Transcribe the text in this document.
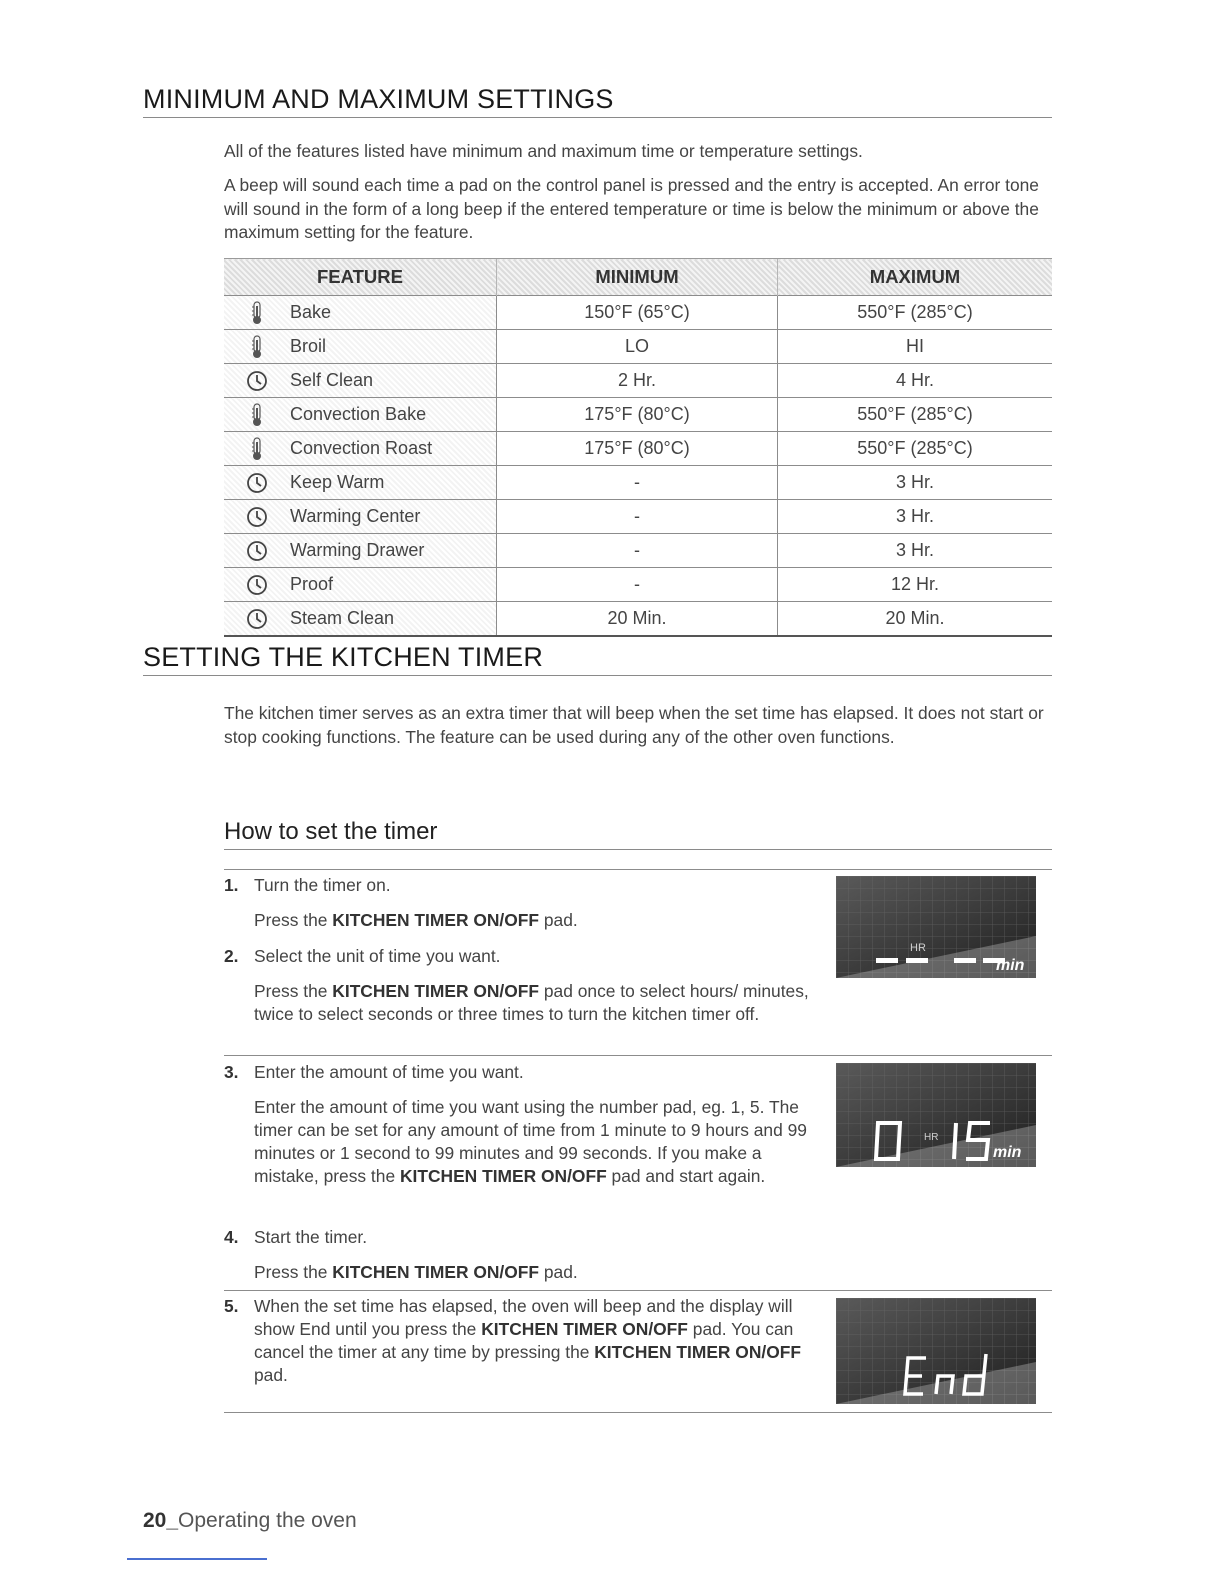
MINIMUM AND MAXIMUM SETTINGS

All of the features listed have minimum and maximum time or temperature settings.

A beep will sound each time a pad on the control panel is pressed and the entry is accepted. An error tone will sound in the form of a long beep if the entered temperature or time is below the minimum or above the maximum setting for the feature.

FEATURE	MINIMUM	MAXIMUM

Bake	150°F (65°C)	550°F (285°C)

Broil	LO	HI

Self Clean	2 Hr.	4 Hr.

Convection Bake	175°F (80°C)	550°F (285°C)

Convection Roast	175°F (80°C)	550°F (285°C)

Keep Warm	-	3 Hr.

Warming Center	-	3 Hr.

Warming Drawer	-	3 Hr.

Proof	-	12 Hr.

Steam Clean	20 Min.	20 Min.
SETTING THE KITCHEN TIMER

The kitchen timer serves as an extra timer that will beep when the set time has elapsed. It does not start or stop cooking functions. The feature can be used during any of the other oven functions.

How to set the timer
1. Turn the timer on.
Press the KITCHEN TIMER ON/OFF pad.
2. Select the unit of time you want.
Press the KITCHEN TIMER ON/OFF pad once to select hours/ minutes, twice to select seconds or three times to turn the kitchen timer off.
3. Enter the amount of time you want.
Enter the amount of time you want using the number pad, eg. 1, 5. The timer can be set for any amount of time from 1 minute to 9 hours and 99 minutes or 1 second to 99 minutes and 99 seconds. If you make a mistake, press the KITCHEN TIMER ON/OFF pad and start again.
4. Start the timer.
Press the KITCHEN TIMER ON/OFF pad.
5. When the set time has elapsed, the oven will beep and the display will show End until you press the KITCHEN TIMER ON/OFF pad. You can cancel the timer at any time by pressing the KITCHEN TIMER ON/OFF pad.
HR
min
HR
min
20_Operating the oven
